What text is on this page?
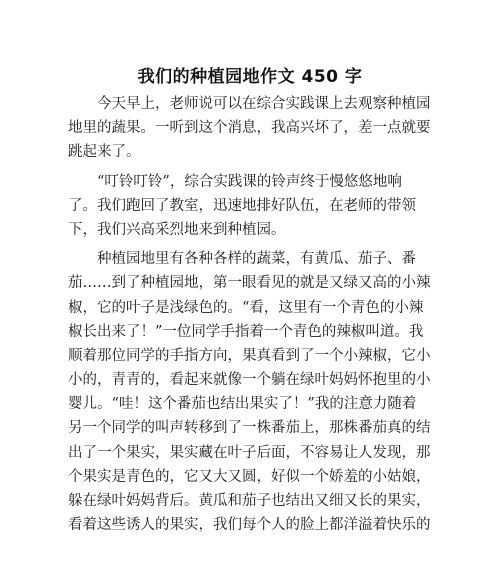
我们的种植园地作文 450 字
　　今天早上，老师说可以在综合实践课上去观察种植园
地里的蔬果。一听到这个消息，我高兴坏了，差一点就要
跳起来了。
　　“叮铃叮铃”，综合实践课的铃声终于慢悠悠地响
了。我们跑回了教室，迅速地排好队伍，在老师的带领
下，我们兴高采烈地来到种植园。
　　种植园地里有各种各样的蔬菜，有黄瓜、茄子、番
茄……到了种植园地，第一眼看见的就是又绿又高的小辣
椒，它的叶子是浅绿色的。“看，这里有一个青色的小辣
椒长出来了！”一位同学手指着一个青色的辣椒叫道。我
顺着那位同学的手指方向，果真看到了一个小辣椒，它小
小的，青青的，看起来就像一个躺在绿叶妈妈怀抱里的小
婴儿。“哇！这个番茄也结出果实了！”我的注意力随着
另一个同学的叫声转移到了一株番茄上，那株番茄真的结
出了一个果实，果实藏在叶子后面，不容易让人发现，那
个果实是青色的，它又大又圆，好似一个娇羞的小姑娘，
躲在绿叶妈妈背后。黄瓜和茄子也结出又细又长的果实，
看着这些诱人的果实，我们每个人的脸上都洋溢着快乐的
